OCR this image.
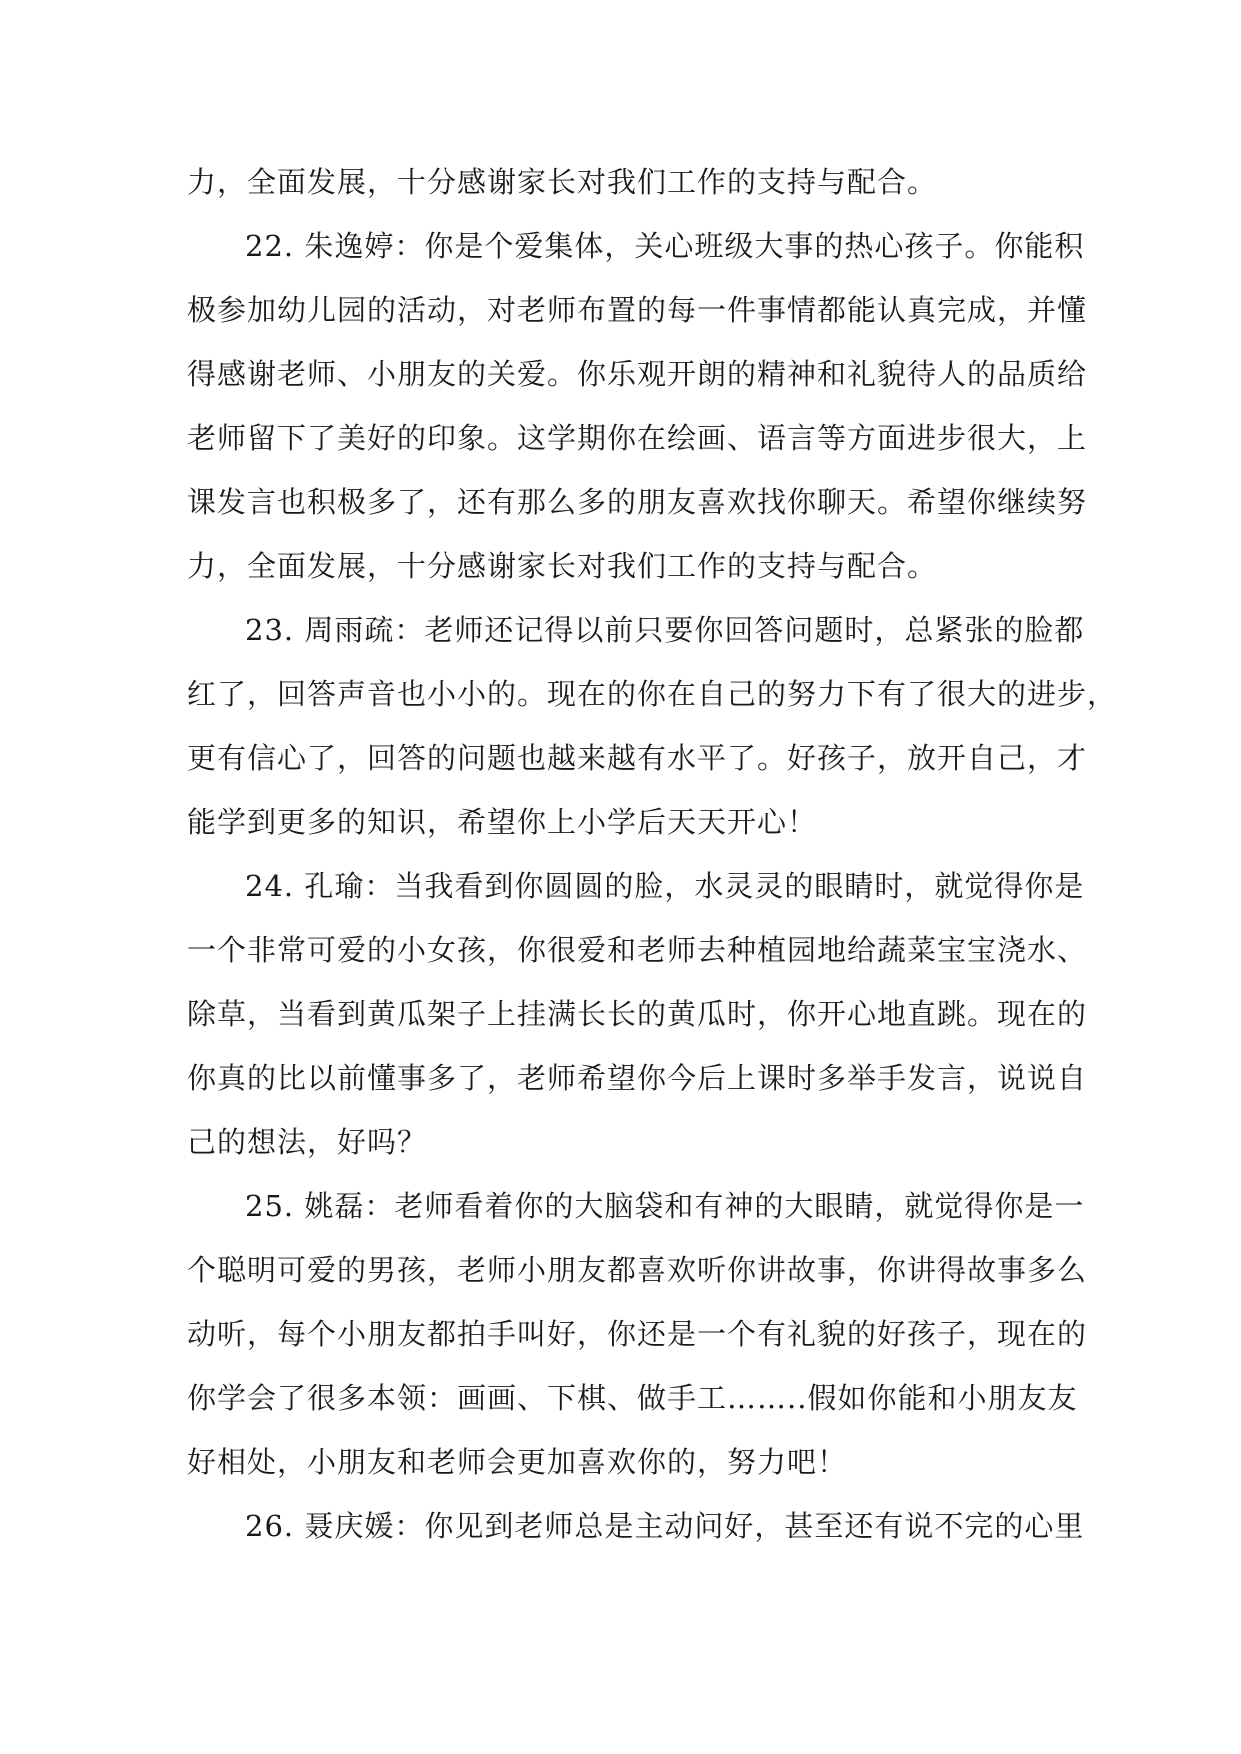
力，全面发展，十分感谢家长对我们工作的支持与配合。

22. 朱逸婷：你是个爱集体，关心班级大事的热心孩子。你能积
极参加幼儿园的活动，对老师布置的每一件事情都能认真完成，并懂
得感谢老师、小朋友的关爱。你乐观开朗的精神和礼貌待人的品质给
老师留下了美好的印象。这学期你在绘画、语言等方面进步很大，上
课发言也积极多了，还有那么多的朋友喜欢找你聊天。希望你继续努
力，全面发展，十分感谢家长对我们工作的支持与配合。

23. 周雨疏：老师还记得以前只要你回答问题时，总紧张的脸都
红了，回答声音也小小的。现在的你在自己的努力下有了很大的进步，
更有信心了，回答的问题也越来越有水平了。好孩子，放开自己，才
能学到更多的知识，希望你上小学后天天开心！

24. 孔瑜：当我看到你圆圆的脸，水灵灵的眼睛时，就觉得你是
一个非常可爱的小女孩，你很爱和老师去种植园地给蔬菜宝宝浇水、
除草，当看到黄瓜架子上挂满长长的黄瓜时，你开心地直跳。现在的
你真的比以前懂事多了，老师希望你今后上课时多举手发言，说说自
己的想法，好吗？

25. 姚磊：老师看着你的大脑袋和有神的大眼睛，就觉得你是一
个聪明可爱的男孩，老师小朋友都喜欢听你讲故事，你讲得故事多么
动听，每个小朋友都拍手叫好，你还是一个有礼貌的好孩子，现在的
你学会了很多本领：画画、下棋、做手工……..假如你能和小朋友友
好相处，小朋友和老师会更加喜欢你的，努力吧！

26. 聂庆媛：你见到老师总是主动问好，甚至还有说不完的心里
